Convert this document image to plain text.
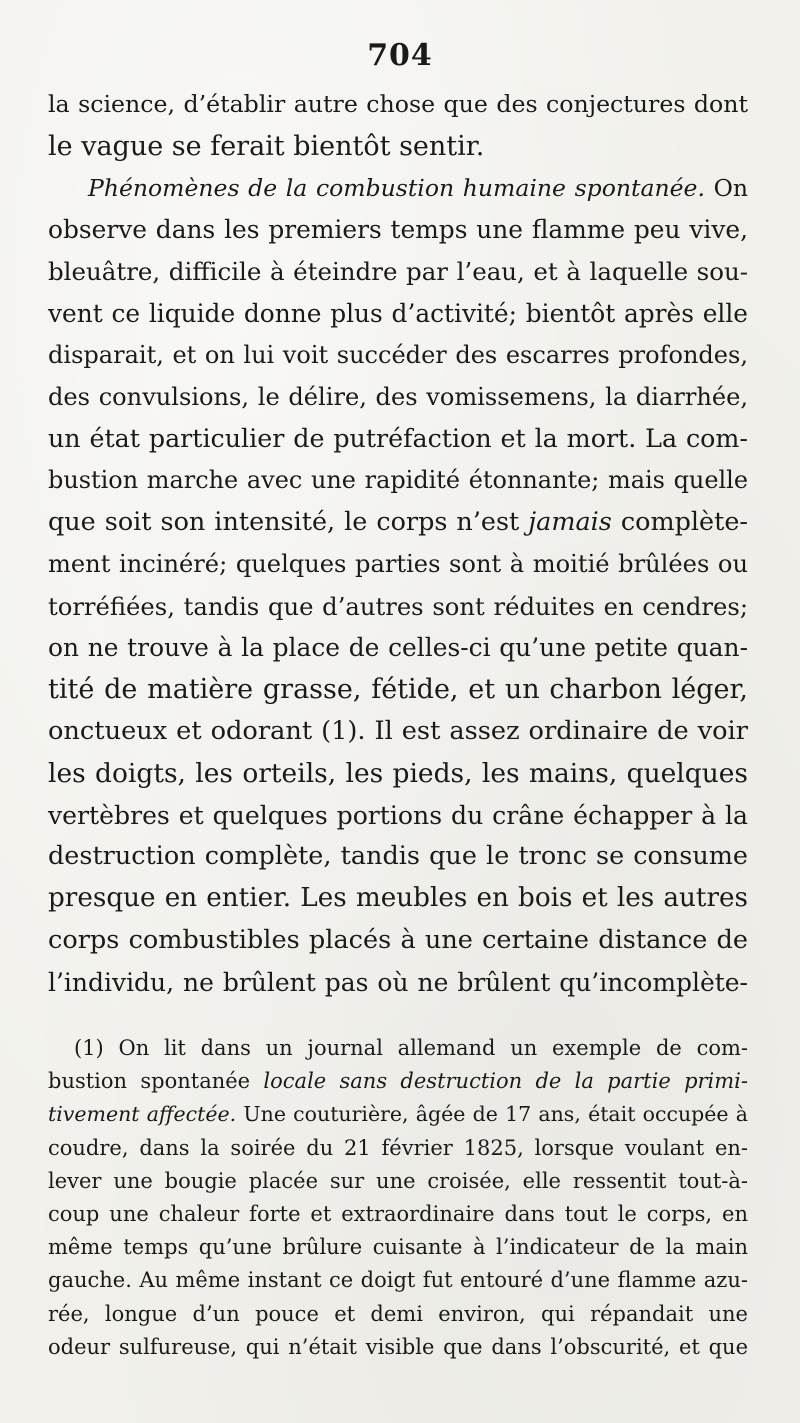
704
la science, d’établir autre chose que des conjectures dont
le vague se ferait bientôt sentir.
Phénomènes de la combustion humaine spontanée. On
observe dans les premiers temps une flamme peu vive,
bleuâtre, difficile à éteindre par l’eau, et à laquelle sou-
vent ce liquide donne plus d’activité; bientôt après elle
disparait, et on lui voit succéder des escarres profondes,
des convulsions, le délire, des vomissemens, la diarrhée,
un état particulier de putréfaction et la mort. La com-
bustion marche avec une rapidité étonnante; mais quelle
que soit son intensité, le corps n’est jamais complète-
ment incinéré; quelques parties sont à moitié brûlées ou
torréfiées, tandis que d’autres sont réduites en cendres;
on ne trouve à la place de celles-ci qu’une petite quan-
tité de matière grasse, fétide, et un charbon léger,
onctueux et odorant (1). Il est assez ordinaire de voir
les doigts, les orteils, les pieds, les mains, quelques
vertèbres et quelques portions du crâne échapper à la
destruction complète, tandis que le tronc se consume
presque en entier. Les meubles en bois et les autres
corps combustibles placés à une certaine distance de
l’individu, ne brûlent pas où ne brûlent qu’incomplète-
(1) On lit dans un journal allemand un exemple de com-
bustion spontanée locale sans destruction de la partie primi-
tivement affectée. Une couturière, âgée de 17 ans, était occupée à
coudre, dans la soirée du 21 février 1825, lorsque voulant en-
lever une bougie placée sur une croisée, elle ressentit tout-à-
coup une chaleur forte et extraordinaire dans tout le corps, en
même temps qu’une brûlure cuisante à l’indicateur de la main
gauche. Au même instant ce doigt fut entouré d’une flamme azu-
rée, longue d’un pouce et demi environ, qui répandait une
odeur sulfureuse, qui n’était visible que dans l’obscurité, et que
